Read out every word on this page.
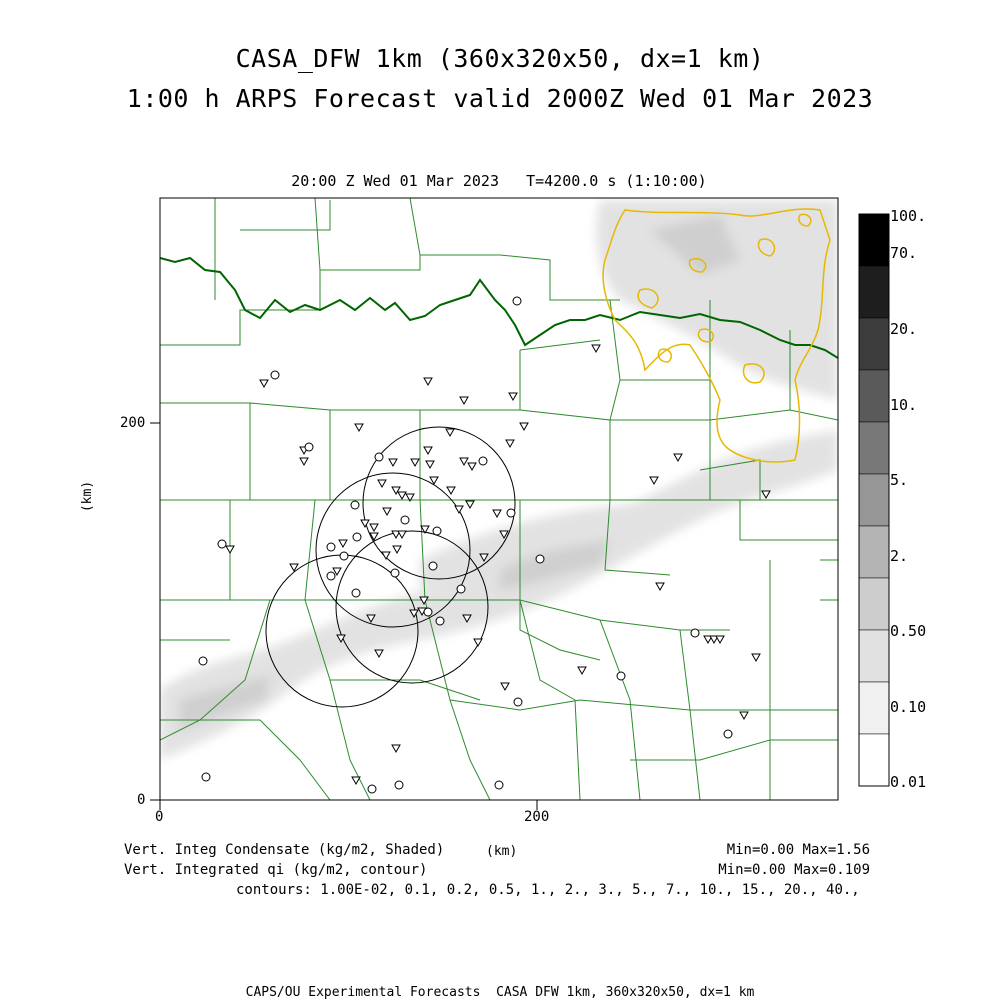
CASA_DFW 1km (360x320x50, dx=1 km)
1:00 h ARPS Forecast valid 2000Z Wed 01 Mar 2023
20:00 Z Wed 01 Mar 2023   T=4200.0 s (1:10:00)
200
0
0	200
(km)
100.
70.
20.
10.
5.
2.
0.50
0.10
0.01
Vert. Integ Condensate (kg/m2, Shaded)	(km)	Min=0.00 Max=1.56
Vert. Integrated qi (kg/m2, contour)	Min=0.00 Max=0.109
contours: 1.00E-02, 0.1, 0.2, 0.5, 1., 2., 3., 5., 7., 10., 15., 20., 40.,
CAPS/OU Experimental Forecasts  CASA DFW 1km, 360x320x50, dx=1 km
